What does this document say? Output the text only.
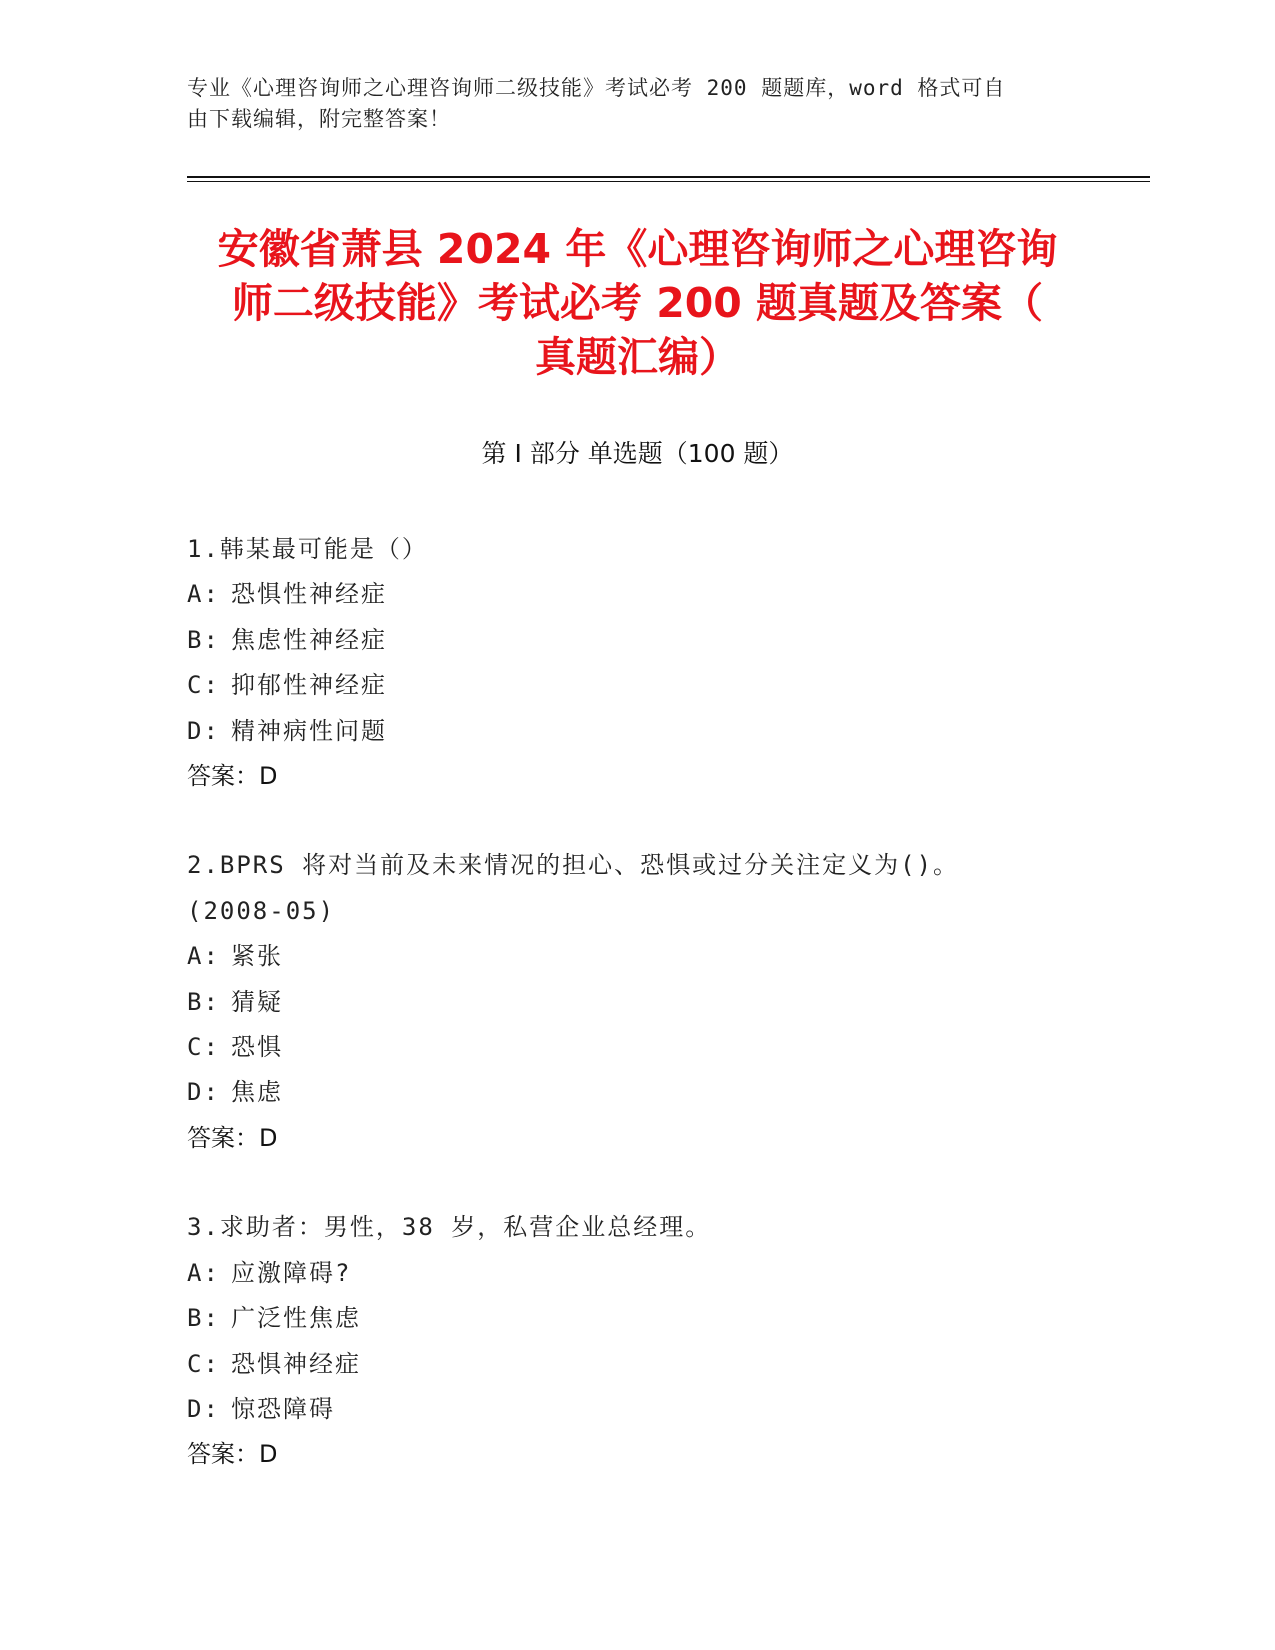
专业《心理咨询师之心理咨询师二级技能》考试必考 200 题题库，word 格式可自
由下载编辑，附完整答案！
安徽省萧县 2024 年《心理咨询师之心理咨询
师二级技能》考试必考 200 题真题及答案（
真题汇编）
第 I 部分 单选题（100 题）
1.韩某最可能是（）
A: 恐惧性神经症
B: 焦虑性神经症
C: 抑郁性神经症
D: 精神病性问题
答案：D
2.BPRS 将对当前及未来情况的担心、恐惧或过分关注定义为()。
(2008-05)
A: 紧张
B: 猜疑
C: 恐惧
D: 焦虑
答案：D
3.求助者：男性，38 岁，私营企业总经理。
A: 应激障碍?
B: 广泛性焦虑
C: 恐惧神经症
D: 惊恐障碍
答案：D
